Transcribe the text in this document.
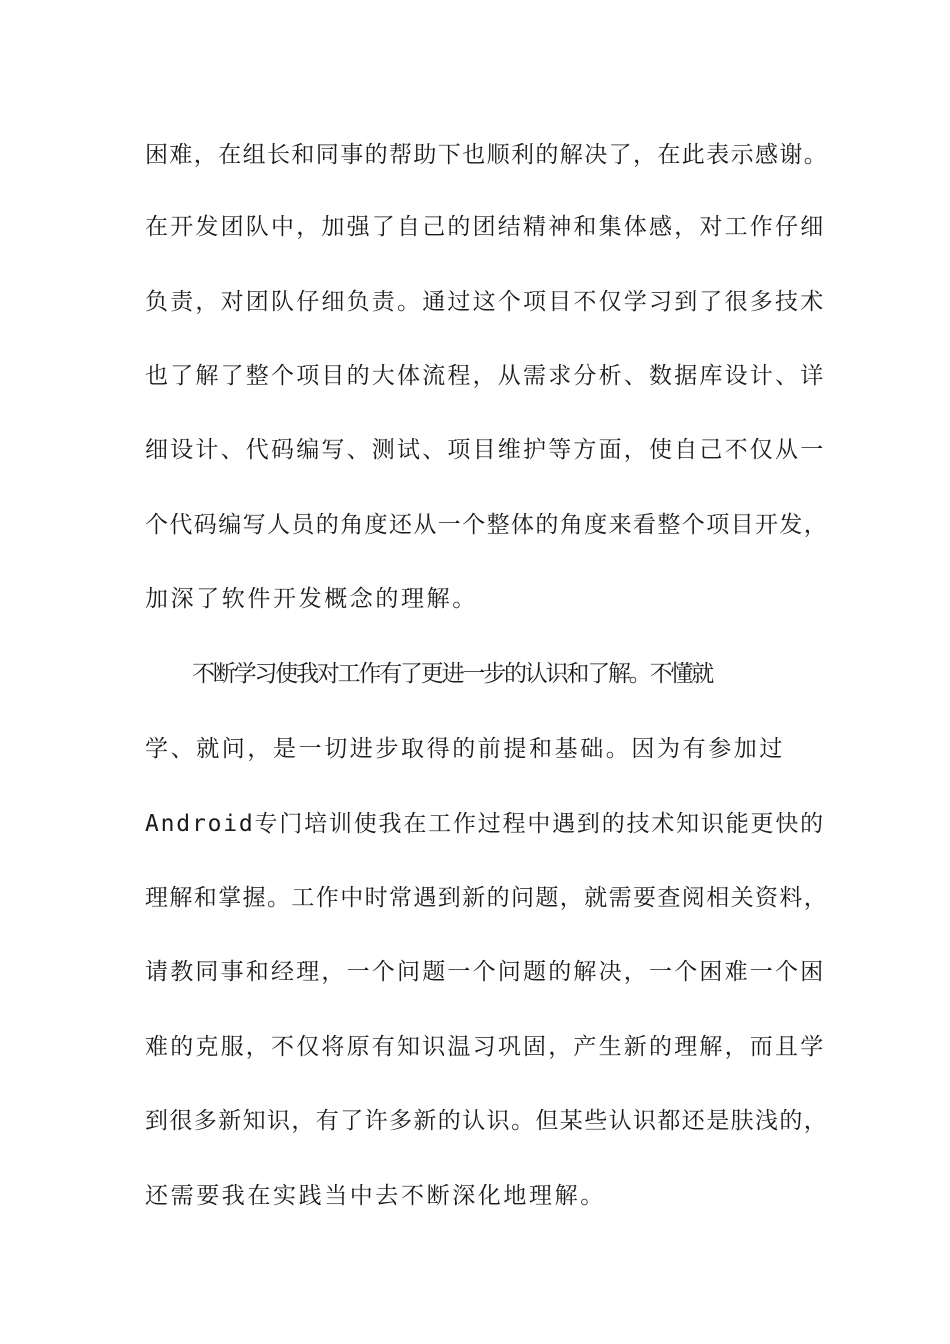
困难，在组长和同事的帮助下也顺利的解决了，在此表示感谢。
在开发团队中，加强了自己的团结精神和集体感，对工作仔细
负责，对团队仔细负责。通过这个项目不仅学习到了很多技术
也了解了整个项目的大体流程，从需求分析、数据库设计、详
细设计、代码编写、测试、项目维护等方面，使自己不仅从一
个代码编写人员的角度还从一个整体的角度来看整个项目开发，
加深了软件开发概念的理解。
不断学习使我对工作有了更进一步的认识和了解。不懂就
学、就问，是一切进步取得的前提和基础。因为有参加过
Android专门培训使我在工作过程中遇到的技术知识能更快的
理解和掌握。工作中时常遇到新的问题，就需要查阅相关资料，
请教同事和经理，一个问题一个问题的解决，一个困难一个困
难的克服，不仅将原有知识温习巩固，产生新的理解，而且学
到很多新知识，有了许多新的认识。但某些认识都还是肤浅的，
还需要我在实践当中去不断深化地理解。
